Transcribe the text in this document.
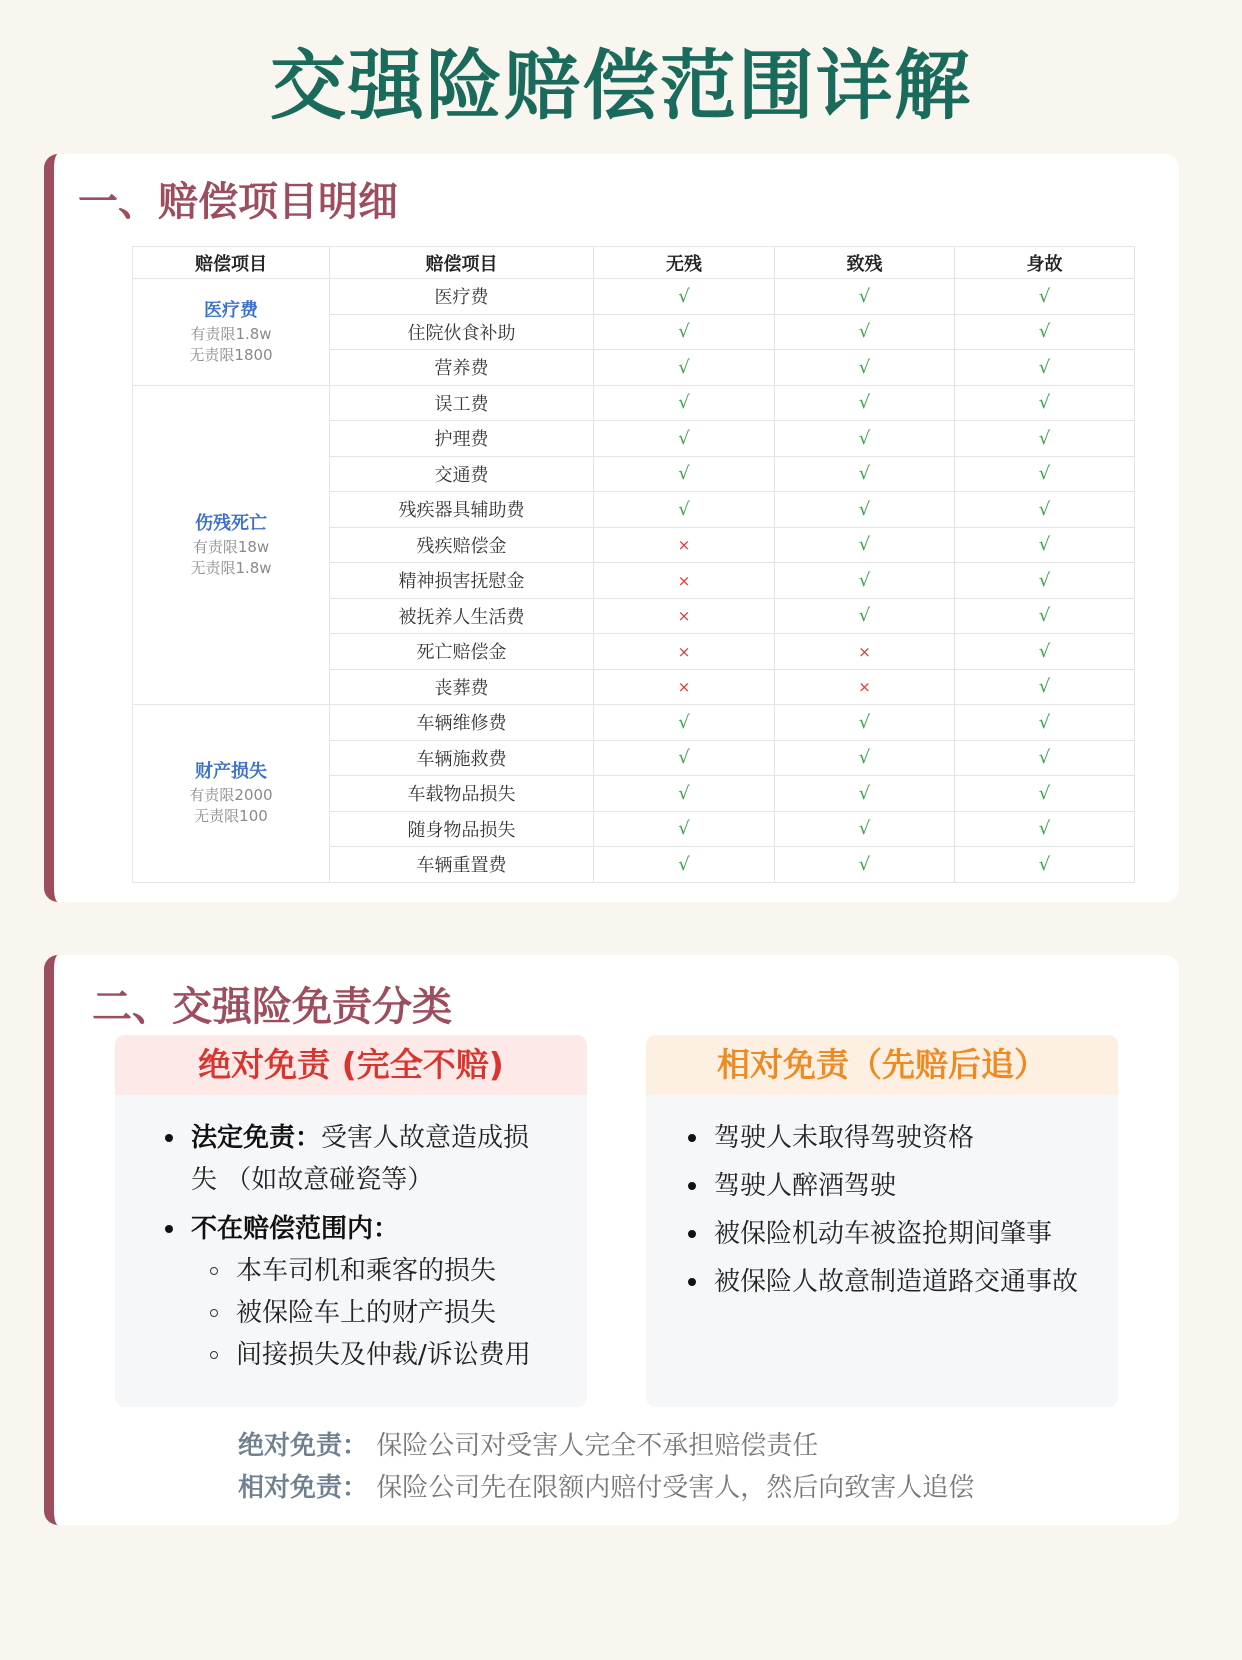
交强险赔偿范围详解
一、赔偿项目明细
赔偿项目	赔偿项目	无残	致残	身故

医疗费
有责限1.8w
无责限1800	医疗费	√	√	√
	住院伙食补助	√	√	√
	营养费	√	√	√

伤残死亡
有责限18w
无责限1.8w	误工费	√	√	√
	护理费	√	√	√
	交通费	√	√	√
	残疾器具辅助费	√	√	√
	残疾赔偿金	×	√	√
	精神损害抚慰金	×	√	√
	被抚养人生活费	×	√	√
	死亡赔偿金	×	×	√
	丧葬费	×	×	√

财产损失
有责限2000
无责限100	车辆维修费	√	√	√
	车辆施救费	√	√	√
	车载物品损失	√	√	√
	随身物品损失	√	√	√
	车辆重置费	√	√	√
二、交强险免责分类
绝对免责 (完全不赔)
法定免责：受害人故意造成损
失 （如故意碰瓷等）
不在赔偿范围内：
本车司机和乘客的损失
被保险车上的财产损失
间接损失及仲裁/诉讼费用
相对免责（先赔后追）
驾驶人未取得驾驶资格
驾驶人醉酒驾驶
被保险机动车被盗抢期间肇事
被保险人故意制造道路交通事故
绝对免责： 保险公司对受害人完全不承担赔偿责任
相对免责： 保险公司先在限额内赔付受害人，然后向致害人追偿
